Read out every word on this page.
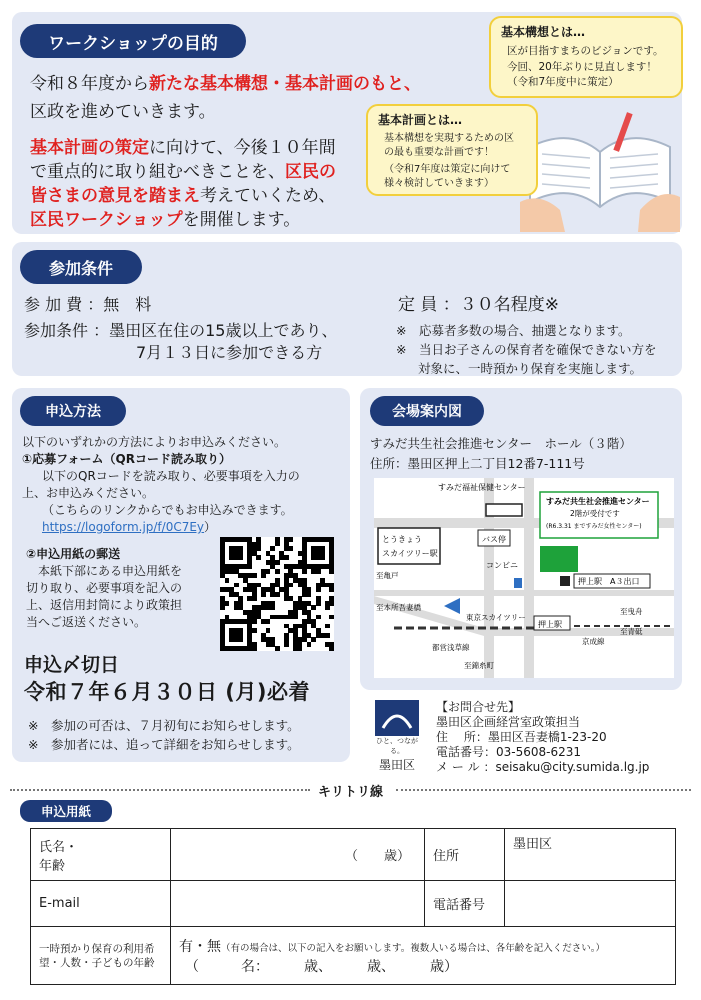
ワークショップの目的
令和８年度から新たな基本構想・基本計画のもと、
区政を進めていきます。
基本計画の策定に向けて、今後１０年間
で重点的に取り組むべきことを、区民の
皆さまの意見を踏まえ考えていくため、
区民ワークショップを開催します。
基本構想とは…
区が目指すまちのビジョンです。
今回、20年ぶりに見直します！
（令和7年度中に策定）
基本計画とは…
基本構想を実現するための区
の最も重要な計画です！
（令和7年度は策定に向けて
様々検討していきます）
参加条件
参 加 費 ：無　料
参加条件 ：墨田区在住の15歳以上であり、
7月１３日に参加できる方
定 員 ：３０名程度※
※　応募者多数の場合、抽選となります。
※　当日お子さんの保育者を確保できない方を
対象に、一時預かり保育を実施します。
申込方法
以下のいずれかの方法によりお申込みください。
①応募フォーム（QRコード読み取り）
以下のQRコードを読み取り、必要事項を入力の
上、お申込みください。
（こちらのリンクからでもお申込みできます。
https://logoform.jp/f/0C7Ey）
②申込用紙の郵送
本紙下部にある申込用紙を
切り取り、必要事項を記入の
上、返信用封筒により政策担
当へご返送ください。
申込〆切日
令和７年６月３０日 (月)必着
※　参加の可否は、７月初旬にお知らせします。
※　参加者には、追って詳細をお知らせします。
会場案内図
すみだ共生社会推進センター　ホール（３階）
住所：墨田区押上二丁目12番7-111号
すみだ福祉保健センター
すみだ共生社会推進センター
2階が受付です
(R6.3.31 まですみだ女性センター)
バス停
コンビニ
押上駅　A３出口
とうきょう
スカイツリー駅
押上駅
至亀戸
至本所吾妻橋	至曳舟
至青砥
京成線
都営浅草線
東京スカイツリー
至錦糸町
ひと、つながる。
墨田区
【お問合せ先】
墨田区企画経営室政策担当
住　 所：墨田区吾妻橋1-23-20
電話番号：03-5608-6231
メ ー ル ：seisaku@city.sumida.lg.jp
キリトリ線
申込用紙
氏名・
年齢	（　　歳）	住所	墨田区
E-mail		電話番号	
一時預かり保育の利用希望・人数・子どもの年齢	有・無（有の場合は、以下の記入をお願いします。複数人いる場合は、各年齢を記入ください。）
（　　　名：　　　歳、　　　歳、　　　歳）		
